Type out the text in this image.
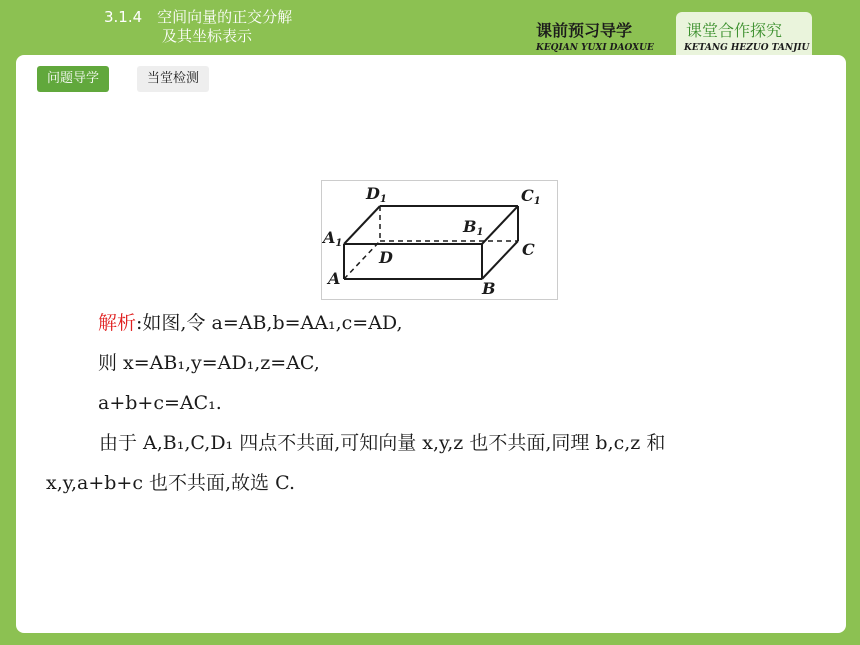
3.1.4　空间向量的正交分解
及其坐标表示	课前预习导学
KEQIAN YUXI DAOXUE
课堂合作探究
KETANG HEZUO TANJIU
问题导学	当堂检测
D1	C1
A1
B1
D	C
A
B
解析:如图,令 a=AB,b=AA₁,c=AD,
则 x=AB₁,y=AD₁,z=AC,
a+b+c=AC₁.
　由于 A,B₁,C,D₁ 四点不共面,可知向量 x,y,z 也不共面,同理 b,c,z 和
x,y,a+b+c 也不共面,故选 C.
